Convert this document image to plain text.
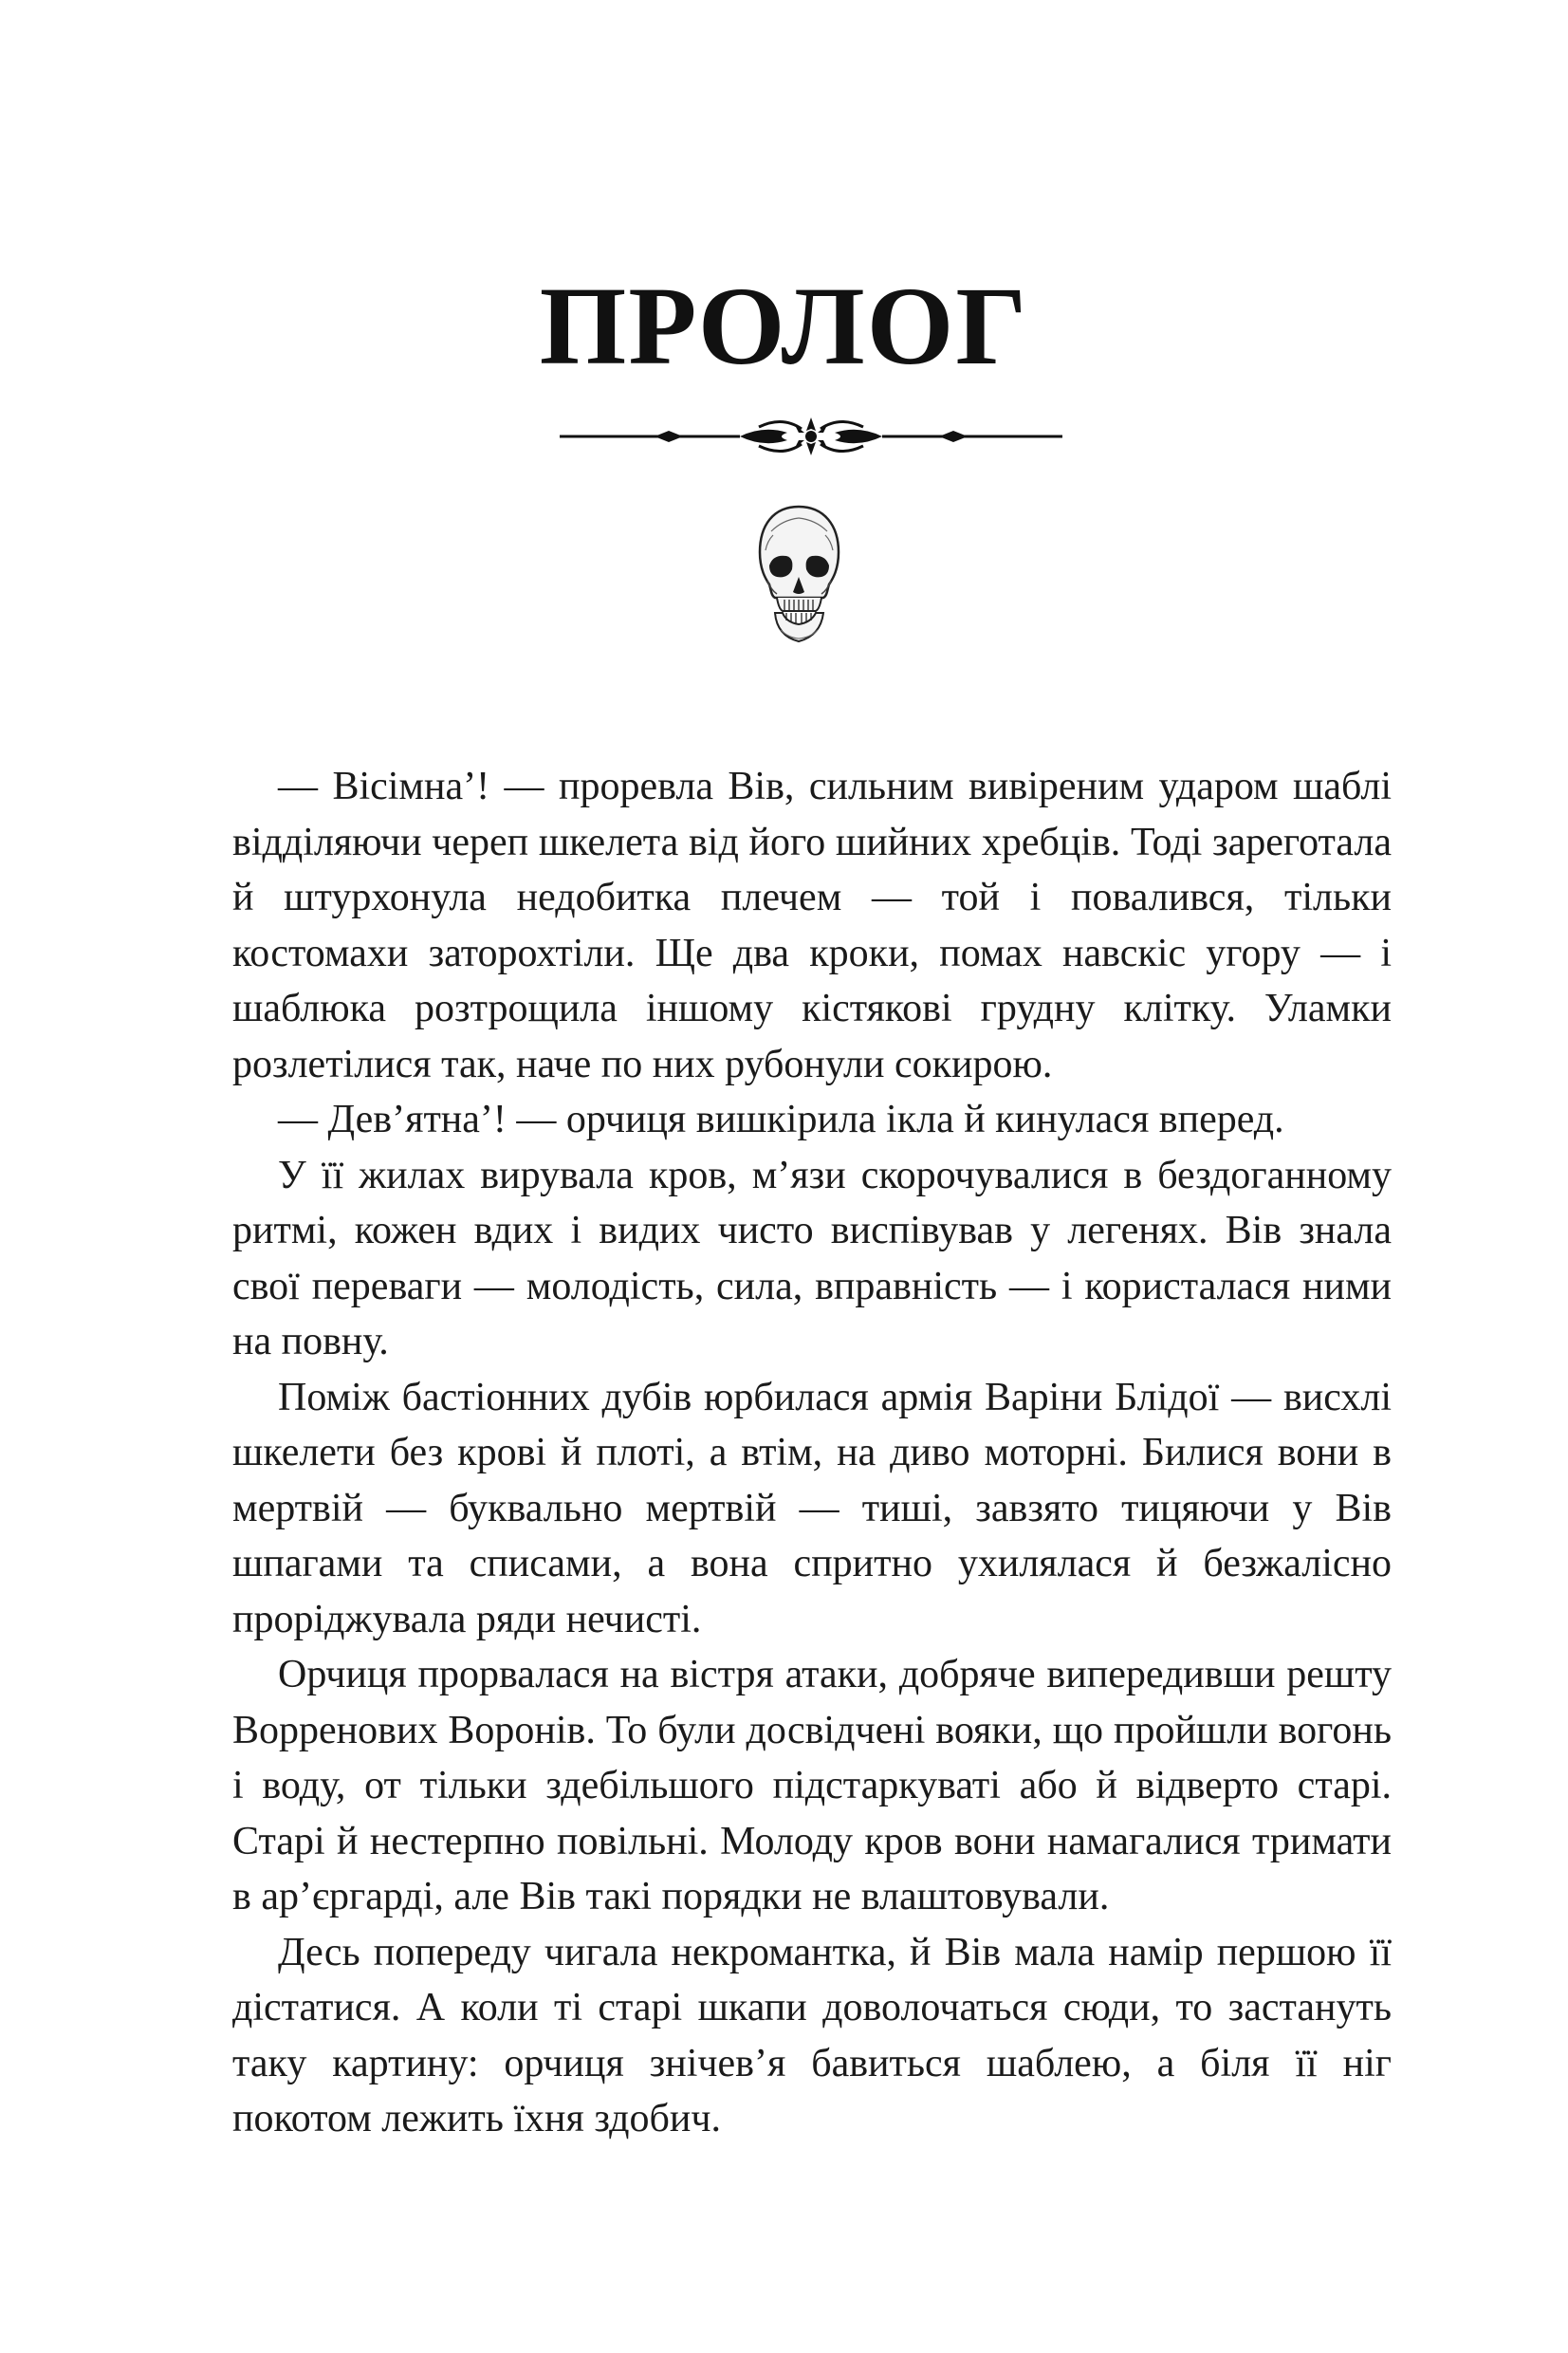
ПРОЛОГ

— Вісімна’! — проревла Вів, сильним вивіреним ударом шаблі відділяючи череп шкелета від його шийних хребців. Тоді зареготала й штурхонула недобитка плечем — той і повалився, тільки костомахи заторохтіли. Ще два кроки, помах навскіс угору — і шаблюка розтрощила іншому кістякові грудну клітку. Уламки розлетілися так, наче по них рубонули сокирою.

— Дев’ятна’! — орчиця вишкірила ікла й кинулася вперед.

У її жилах вирувала кров, м’язи скорочувалися в бездоганному ритмі, кожен вдих і видих чисто виспівував у легенях. Вів знала свої переваги — молодість, сила, вправність — і користалася ними на повну.

Поміж бастіонних дубів юрбилася армія Варіни Блідої — висхлі шкелети без крові й плоті, а втім, на диво моторні. Билися вони в мертвій — буквально мертвій — тиші, завзято тицяючи у Вів шпагами та списами, а вона спритно ухилялася й безжалісно проріджувала ряди нечисті.

Орчиця прорвалася на вістря атаки, добряче випередивши решту Ворренових Воронів. То були досвідчені вояки, що пройшли вогонь і воду, от тільки здебільшого підстаркуваті або й відверто старі. Старі й нестерпно повільні. Молоду кров вони намагалися тримати в ар’єргарді, але Вів такі порядки не влаштовували.

Десь попереду чигала некромантка, й Вів мала намір першою її дістатися. А коли ті старі шкапи доволочаться сюди, то застануть таку картину: орчиця знічев’я бавиться шаблею, а біля її ніг покотом лежить їхня здобич.
